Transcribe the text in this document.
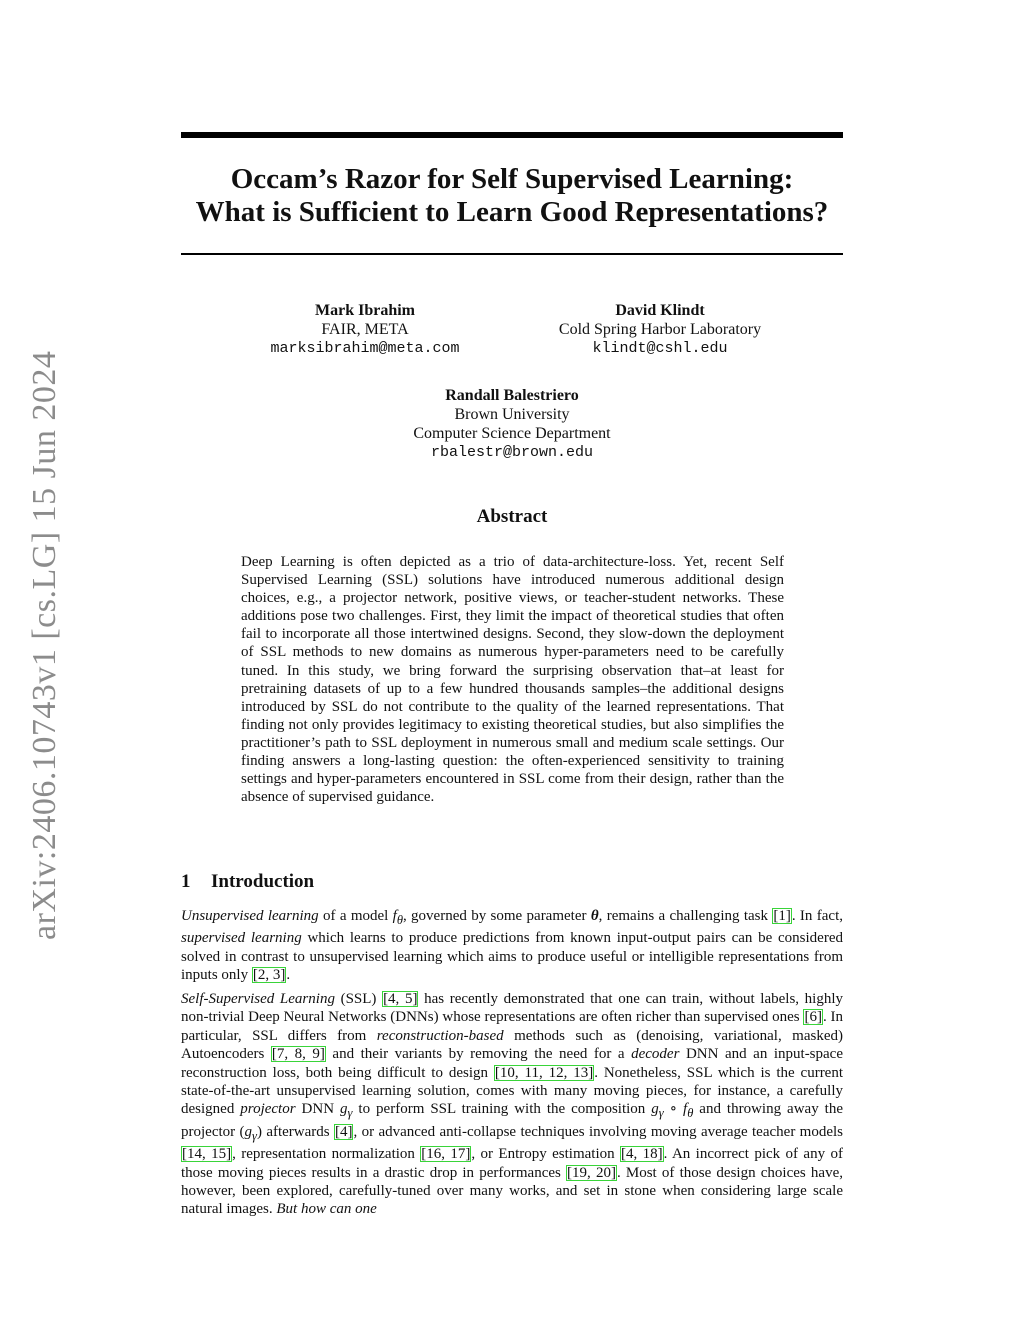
arXiv:2406.10743v1 [cs.LG] 15 Jun 2024
Occam’s Razor for Self Supervised Learning:
What is Sufficient to Learn Good Representations?
Mark Ibrahim
FAIR, META
marksibrahim@meta.com
David Klindt
Cold Spring Harbor Laboratory
klindt@cshl.edu
Randall Balestriero
Brown University
Computer Science Department
rbalestr@brown.edu
Abstract
Deep Learning is often depicted as a trio of data-architecture-loss. Yet, recent Self Supervised Learning (SSL) solutions have introduced numerous additional design choices, e.g., a projector network, positive views, or teacher-student networks. These additions pose two challenges. First, they limit the impact of theoretical studies that often fail to incorporate all those intertwined designs. Second, they slow-down the deployment of SSL methods to new domains as numerous hyper-parameters need to be carefully tuned. In this study, we bring forward the surprising observation that–at least for pretraining datasets of up to a few hundred thousands samples–the additional designs introduced by SSL do not contribute to the quality of the learned representations. That finding not only provides legitimacy to existing theoretical studies, but also simplifies the practitioner’s path to SSL deployment in numerous small and medium scale settings. Our finding answers a long-lasting question: the often-experienced sensitivity to training settings and hyper-parameters encountered in SSL come from their design, rather than the absence of supervised guidance.
1 Introduction
Unsupervised learning of a model $f_\theta$, governed by some parameter θ, remains a challenging task [1]. In fact, supervised learning which learns to produce predictions from known input-output pairs can be considered solved in contrast to unsupervised learning which aims to produce useful or intelligible representations from inputs only [2, 3].
Self-Supervised Learning (SSL) [4, 5] has recently demonstrated that one can train, without labels, highly non-trivial Deep Neural Networks (DNNs) whose representations are often richer than supervised ones [6]. In particular, SSL differs from reconstruction-based methods such as (denoising, variational, masked) Autoencoders [7, 8, 9] and their variants by removing the need for a decoder DNN and an input-space reconstruction loss, both being difficult to design [10, 11, 12, 13]. Nonetheless, SSL which is the current state-of-the-art unsupervised learning solution, comes with many moving pieces, for instance, a carefully designed projector DNN $g_\gamma$ to perform SSL training with the composition $g_\gamma$ ∘ $f_\theta$ and throwing away the projector $(g_\gamma)$ afterwards [4], or advanced anti-collapse techniques involving moving average teacher models [14, 15], representation normalization [16, 17], or Entropy estimation [4, 18]. An incorrect pick of any of those moving pieces results in a drastic drop in performances [19, 20]. Most of those design choices have, however, been explored, carefully-tuned over many works, and set in stone when considering large scale natural images. But how can one
